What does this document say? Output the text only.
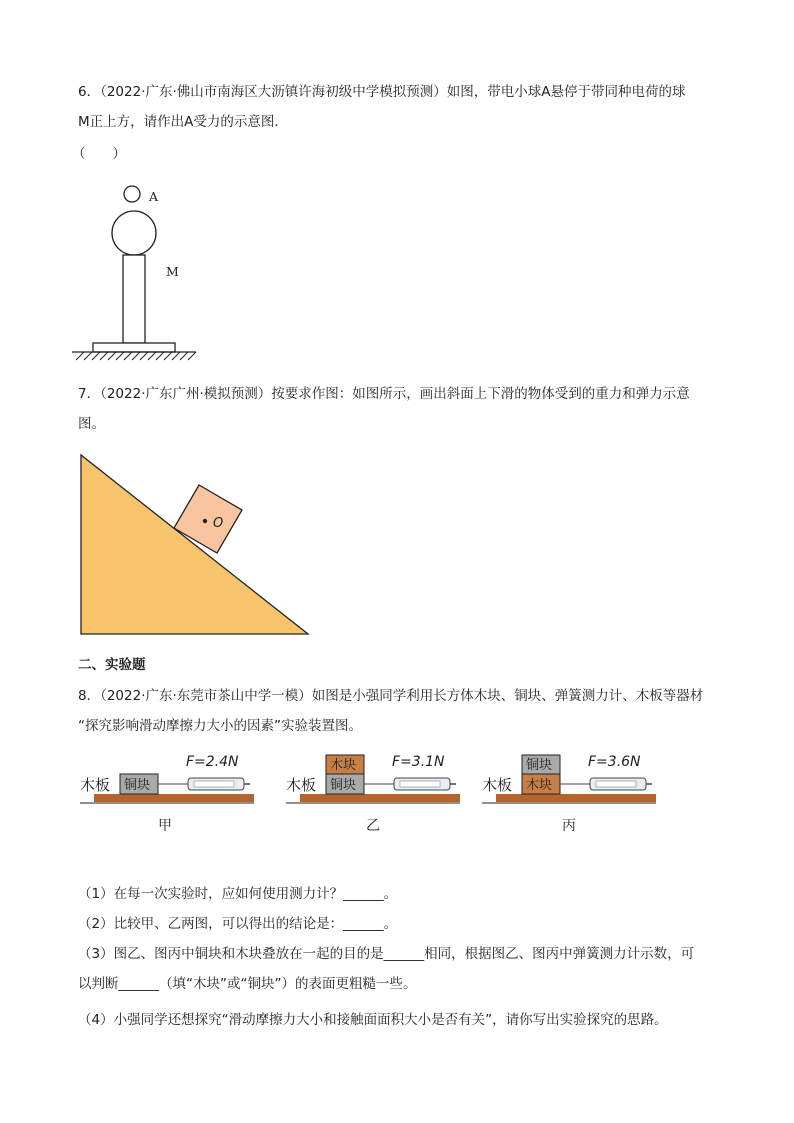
6．（2022·广东·佛山市南海区大沥镇许海初级中学模拟预测）如图，带电小球A悬停于带同种电荷的球
M正上方，请作出A受力的示意图．
（　　）
A
M
7．（2022·广东广州·模拟预测）按要求作图：如图所示，画出斜面上下滑的物体受到的重力和弹力示意
图。
O
二、实验题
8．（2022·广东·东莞市茶山中学一模）如图是小强同学利用长方体木块、铜块、弹簧测力计、木板等器材
“探究影响滑动摩擦力大小的因素”实验装置图。
F=2.4N
木板 铜块
甲
F=3.1N
木板
木块
铜块
乙
F=3.6N
木板
铜块
木块
丙
（1）在每一次实验时，应如何使用测力计？______。
（2）比较甲、乙两图，可以得出的结论是：______。
（3）图乙、图丙中铜块和木块叠放在一起的目的是______相同，根据图乙、图丙中弹簧测力计示数，可
以判断______（填“木块”或“铜块”）的表面更粗糙一些。
（4）小强同学还想探究“滑动摩擦力大小和接触面面积大小是否有关”，请你写出实验探究的思路。
